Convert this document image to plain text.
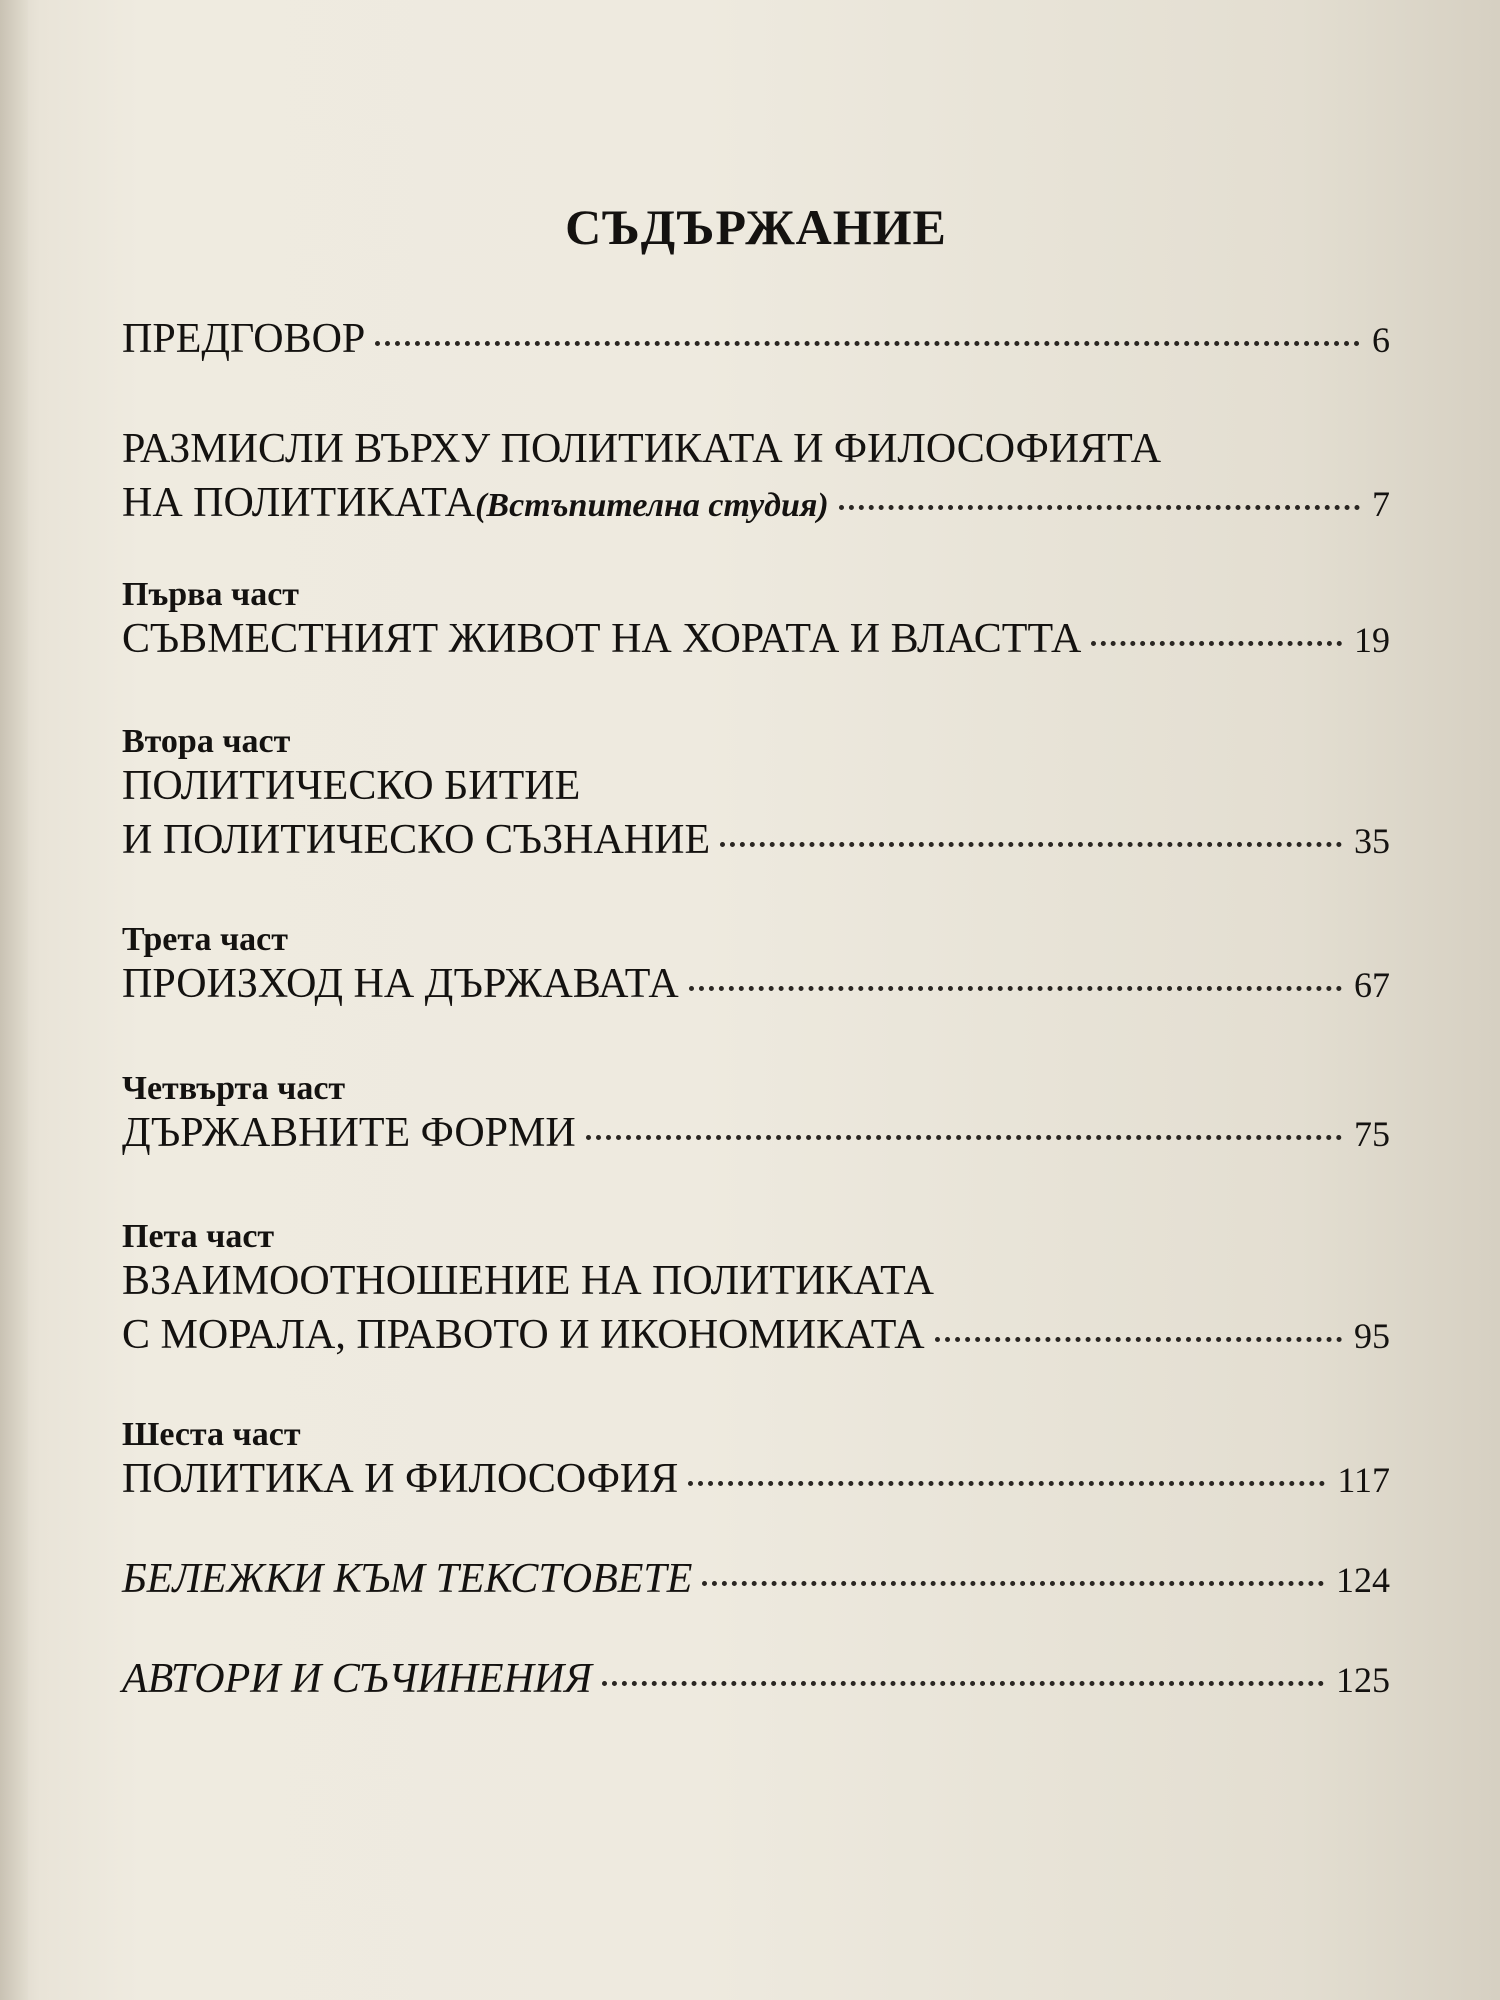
СЪДЪРЖАНИЕ
ПРЕДГОВОР	6
РАЗМИСЛИ ВЪРХУ ПОЛИТИКАТА И ФИЛОСОФИЯТА
НА ПОЛИТИКАТА(Встъпителна студия)	7
Първа част
СЪВМЕСТНИЯТ ЖИВОТ НА ХОРАТА И ВЛАСТТА	19
Втора част
ПОЛИТИЧЕСКО БИТИЕ
И ПОЛИТИЧЕСКО СЪЗНАНИЕ	35
Трета част
ПРОИЗХОД НА ДЪРЖАВАТА	67
Четвърта част
ДЪРЖАВНИТЕ ФОРМИ	75
Пета част
ВЗАИМООТНОШЕНИЕ НА ПОЛИТИКАТА
С МОРАЛА, ПРАВОТО И ИКОНОМИКАТА	95
Шеста част
ПОЛИТИКА И ФИЛОСОФИЯ	117
БЕЛЕЖКИ КЪМ ТЕКСТОВЕТЕ	124
АВТОРИ И СЪЧИНЕНИЯ	125
